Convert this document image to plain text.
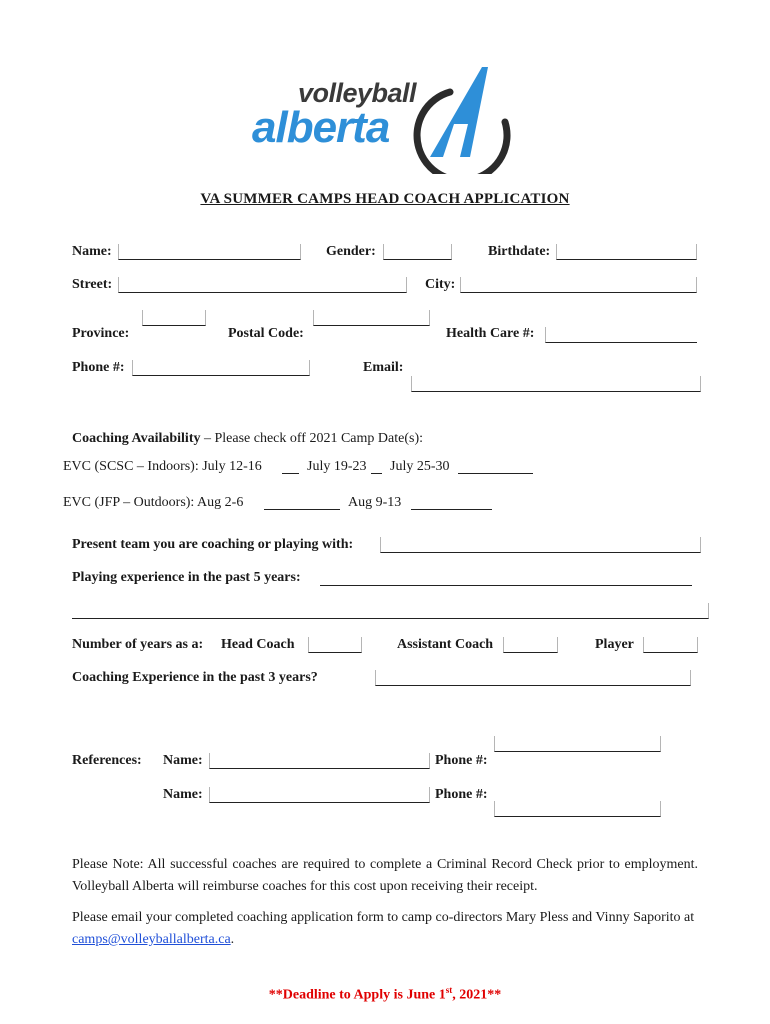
volleyball
alberta
VA SUMMER CAMPS HEAD COACH APPLICATION
Name:	Gender:	Birthdate:
Street:	City:
Province:	Postal Code:	Health Care #:
Phone #:	Email:
Coaching Availability – Please check off 2021 Camp Date(s):
EVC (SCSC – Indoors): July 12-16	July 19-23 July 25-30
EVC (JFP – Outdoors): Aug 2-6	Aug 9-13
Present team you are coaching or playing with:
Playing experience in the past 5 years:
Number of years as a: Head Coach	Assistant Coach	Player
Coaching Experience in the past 3 years?
References: Name:	Phone #:
Name:	Phone #:
Please Note: All successful coaches are required to complete a Criminal Record Check prior to employment. Volleyball Alberta will reimburse coaches for this cost upon receiving their receipt.
Please email your completed coaching application form to camp co-directors Mary Pless and Vinny Saporito at camps@volleyballalberta.ca.
**Deadline to Apply is June 1st, 2021**
